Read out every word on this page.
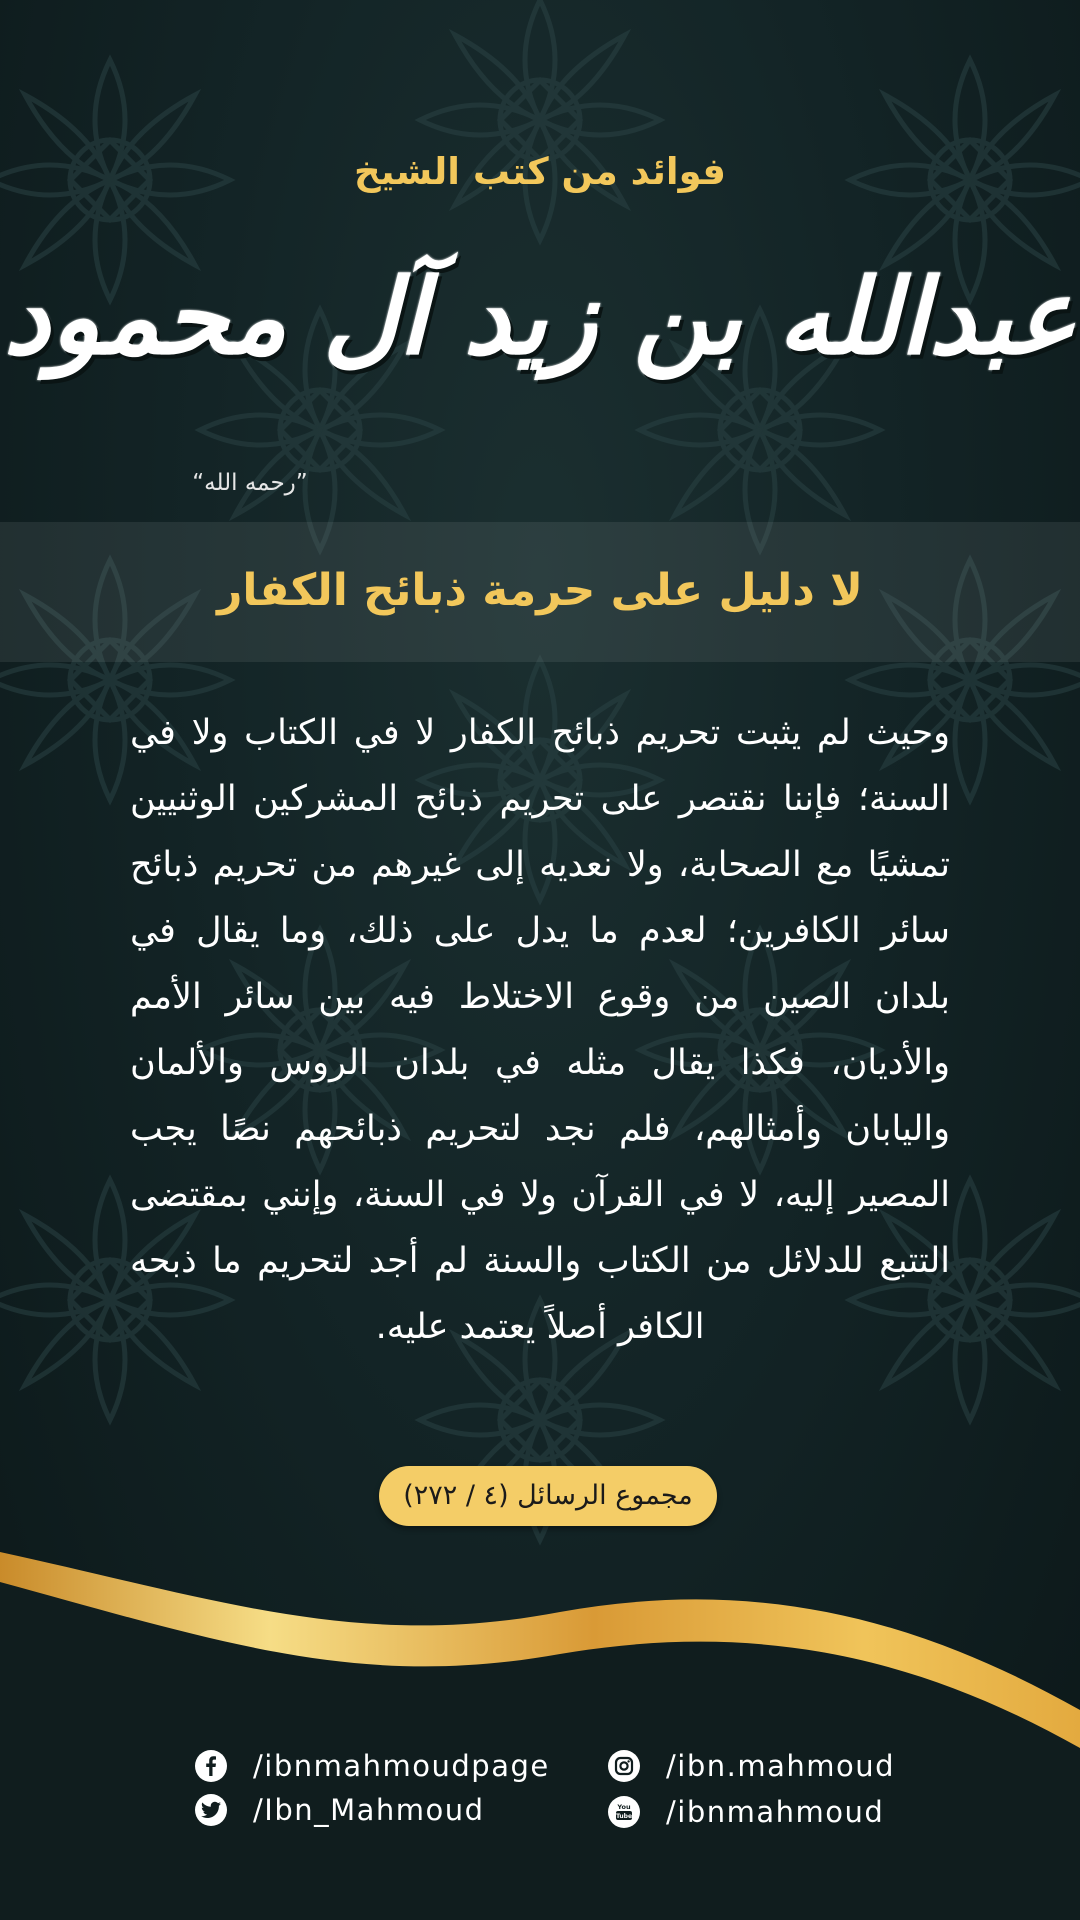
فوائد من كتب الشيخ
عبدالله بن زيد آل محمود
”رحمه الله“
لا دليل على حرمة ذبائح الكفار
وحيث لم يثبت تحريم ذبائح الكفار لا في الكتاب ولا في السنة؛ فإننا نقتصر على تحريم ذبائح المشركين الوثنيين تمشيًا مع الصحابة، ولا نعديه إلى غيرهم من تحريم ذبائح سائر الكافرين؛ لعدم ما يدل على ذلك، وما يقال في بلدان الصين من وقوع الاختلاط فيه بين سائر الأمم والأديان، فكذا يقال مثله في بلدان الروس والألمان واليابان وأمثالهم، فلم نجد لتحريم ذبائحهم نصًا يجب المصير إليه، لا في القرآن ولا في السنة، وإنني بمقتضى التتبع للدلائل من الكتاب والسنة لم أجد لتحريم ما ذبحه الكافر أصلاً يعتمد عليه.
مجموع الرسائل (٤ / ٢٧٢)
/ibnmahmoudpage
/Ibn_Mahmoud
/ibn.mahmoud
You
Tube /ibnmahmoud
